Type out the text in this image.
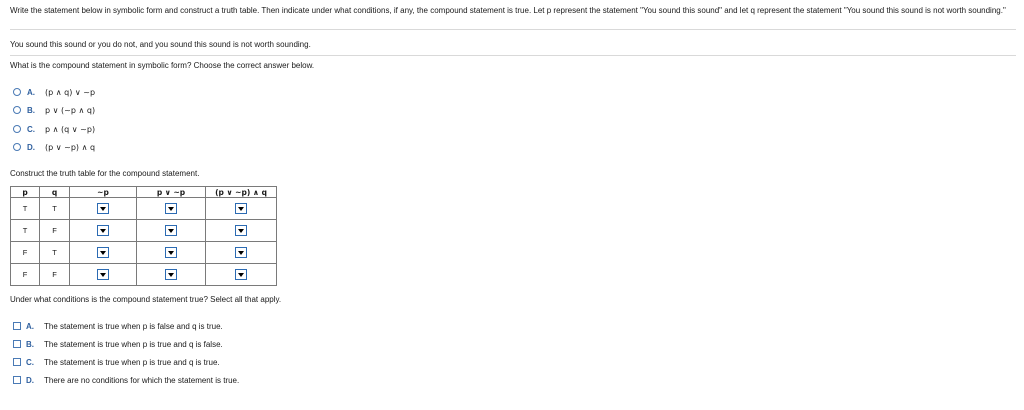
Write the statement below in symbolic form and construct a truth table. Then indicate under what conditions, if any, the compound statement is true. Let p represent the statement "You sound this sound" and let q represent the statement "You sound this sound is not worth sounding."
You sound this sound or you do not, and you sound this sound is not worth sounding.
What is the compound statement in symbolic form? Choose the correct answer below.
A.	(p ∧ q) ∨ ~p
B.	p ∨ (~p ∧ q)
C.	p ∧ (q ∨ ~p)
D.	(p ∨ ~p) ∧ q
Construct the truth table for the compound statement.
p	q	~p	p ∨ ~p	(p ∨ ~p) ∧ q
T	T			
T	F			
F	T			
F	F			
Under what conditions is the compound statement true? Select all that apply.
A.	The statement is true when p is false and q is true.
B.	The statement is true when p is true and q is false.
C.	The statement is true when p is true and q is true.
D.	There are no conditions for which the statement is true.
